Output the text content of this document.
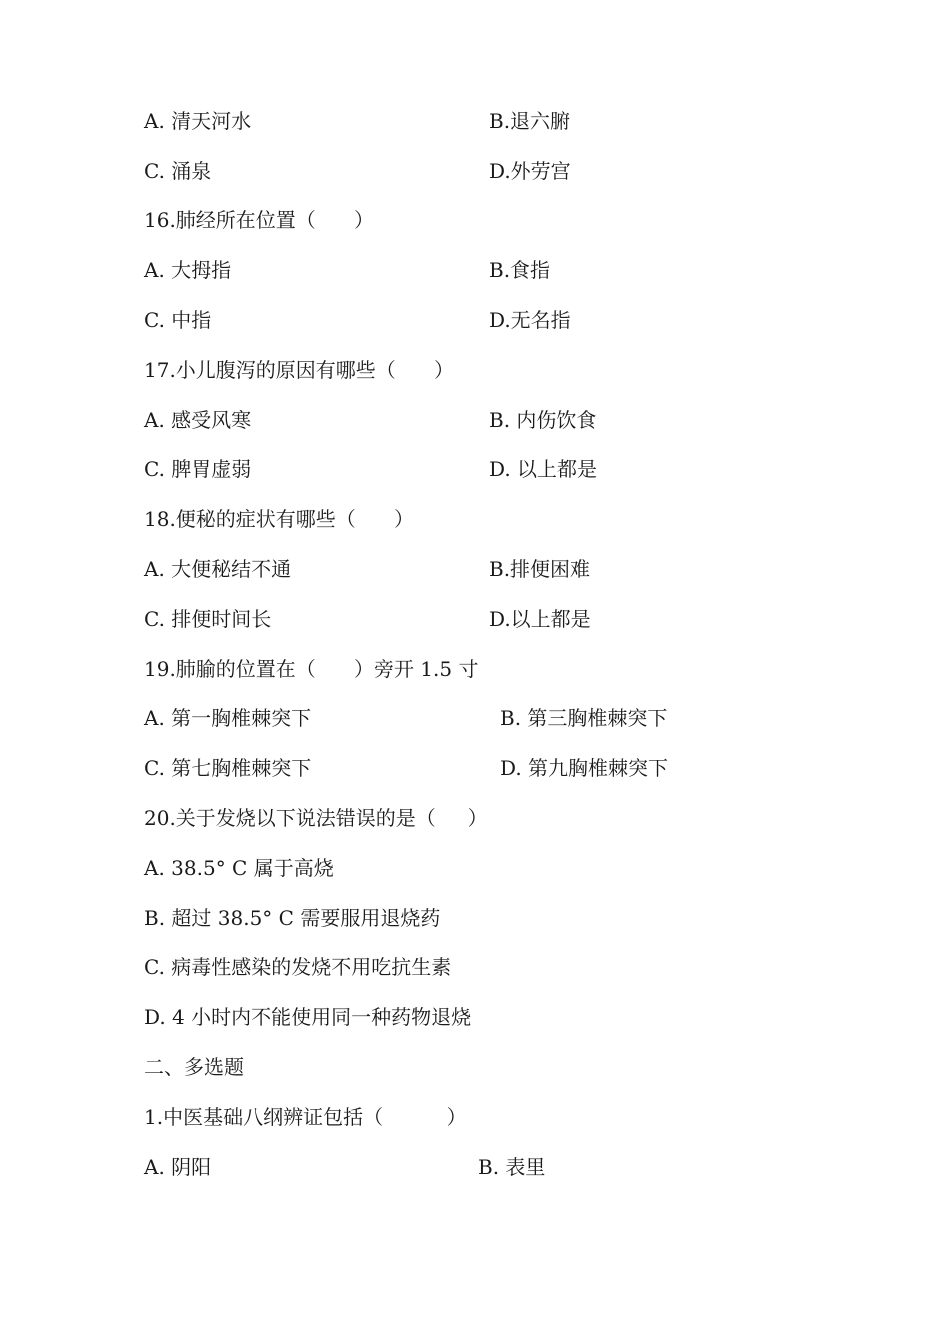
A. 清天河水	B.退六腑
C. 涌泉	D.外劳宫
16.肺经所在位置（      ）
A. 大拇指	B.食指
C. 中指	D.无名指
17.小儿腹泻的原因有哪些（      ）
A. 感受风寒	B. 内伤饮食
C. 脾胃虚弱	D. 以上都是
18.便秘的症状有哪些（      ）
A. 大便秘结不通	B.排便困难
C. 排便时间长	D.以上都是
19.肺腧的位置在（      ）旁开 1.5 寸
A. 第一胸椎棘突下	B. 第三胸椎棘突下
C. 第七胸椎棘突下	D. 第九胸椎棘突下
20.关于发烧以下说法错误的是（     ）
A. 38.5° C 属于高烧
B. 超过 38.5° C 需要服用退烧药
C. 病毒性感染的发烧不用吃抗生素
D. 4 小时内不能使用同一种药物退烧
二、多选题
1.中医基础八纲辨证包括（          ）
A. 阴阳	B. 表里
